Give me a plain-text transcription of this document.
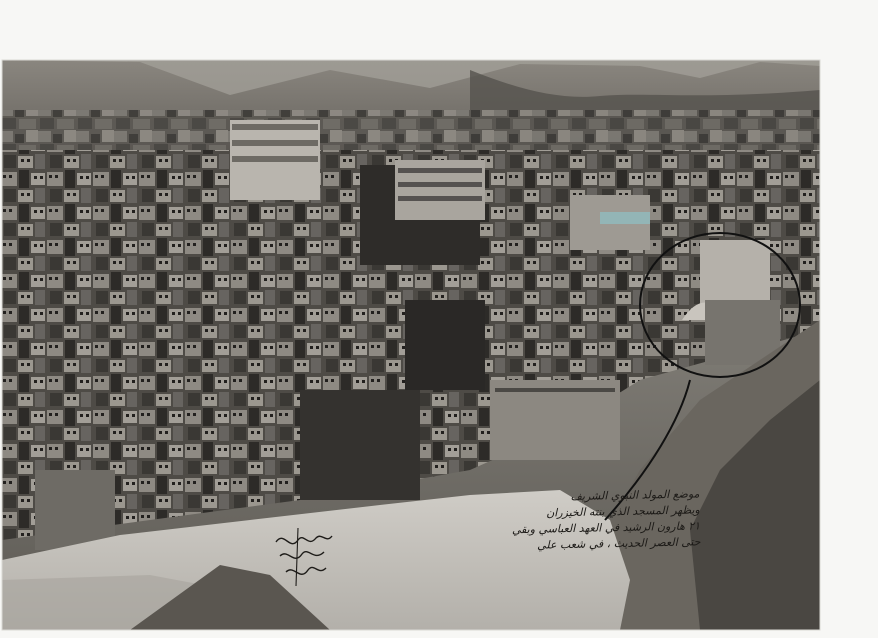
موضع المولد النبوي الشريف
ويظهر المسجد الذي بنته الخيزران
٢١ هارون الرشيد في العهد العباسي وبقي
حتى العصر الحديث ، في شعب علي
